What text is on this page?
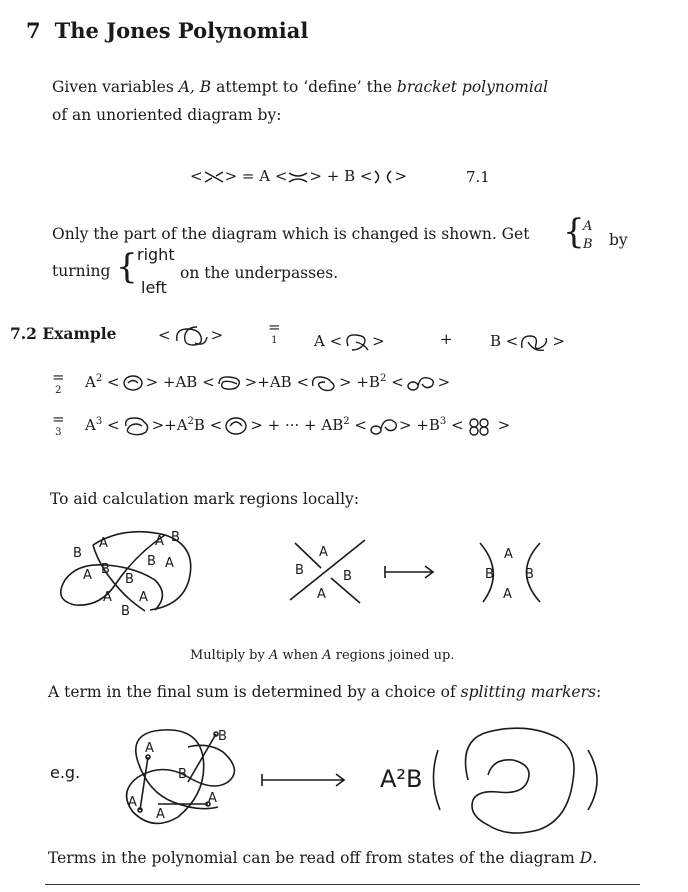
7 The Jones Polynomial
Given variables A, B attempt to ‘define’ the bracket polynomial
of an unoriented diagram by:
< > = A < > + B < >	7.1
Only the part of the diagram which is changed is shown. Get {
A
B by
turning { right
left
on the underpasses.
7.2 Example	<	>	=
1 A < >	+ B < >
=
2 $A^2$ < > +AB < >+AB < > $+B^2$ < >
=
3 $A^3 < >+A^2B$ < > + ··· + $AB^2$ < > $+B^3$ < >
To aid calculation mark regions locally:
B
A	A B
A B
B A
B
A A
B
A
B	B
A
A
B B
A
Multiply by A when A regions joined up.
A term in the final sum is determined by a choice of splitting markers:
e.g.
A
B
B
A
A
A
A²B
Terms in the polynomial can be read off from states of the diagram D.
